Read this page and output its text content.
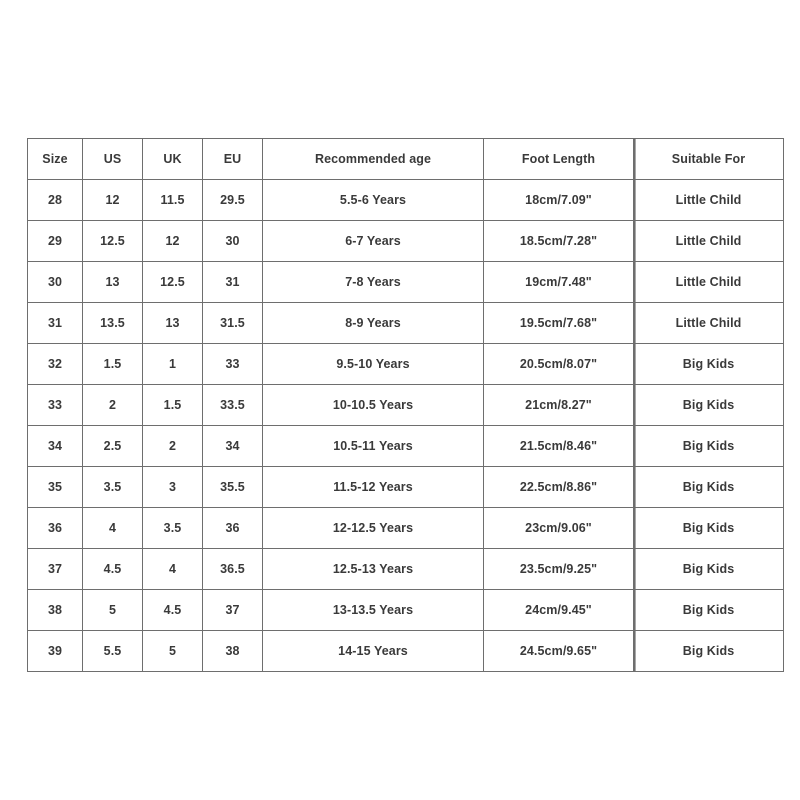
Size	US	UK	EU	Recommended age	Foot Length	Suitable For
28	12	11.5	29.5	5.5-6 Years	18cm/7.09"	Little Child
29	12.5	12	30	6-7 Years	18.5cm/7.28"	Little Child
30	13	12.5	31	7-8 Years	19cm/7.48"	Little Child
31	13.5	13	31.5	8-9 Years	19.5cm/7.68"	Little Child
32	1.5	1	33	9.5-10 Years	20.5cm/8.07"	Big Kids
33	2	1.5	33.5	10-10.5 Years	21cm/8.27"	Big Kids
34	2.5	2	34	10.5-11 Years	21.5cm/8.46"	Big Kids
35	3.5	3	35.5	11.5-12 Years	22.5cm/8.86"	Big Kids
36	4	3.5	36	12-12.5 Years	23cm/9.06"	Big Kids
37	4.5	4	36.5	12.5-13 Years	23.5cm/9.25"	Big Kids
38	5	4.5	37	13-13.5 Years	24cm/9.45"	Big Kids
39	5.5	5	38	14-15 Years	24.5cm/9.65"	Big Kids
